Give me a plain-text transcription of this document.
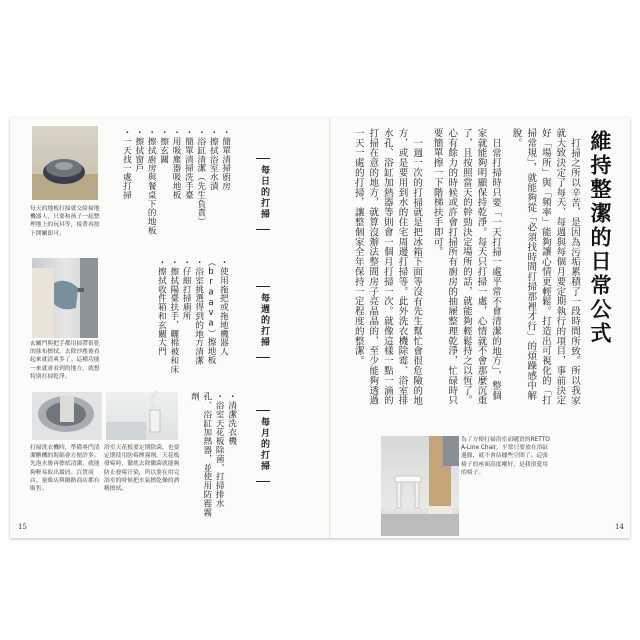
每天的地板打掃就交給掃地機器人，只要和孩子一起整理地上的玩具等，接著再按下開關即可。
玄關門與把手都用掃帶很乾的抹布擦拭，去除沙塵後看起來就清爽多了。這種功能一來就會看到的地方，就想特別打掃乾淨。
打掃洗衣機時，準備專門清潔櫃機的海綿會方便許多。先泡水後再擦拭清潔，就能夠輕易取出鬚屑。百貨商店、量販店與網路商店都有販售。
浴室天花板要定期除菌，也要定期使用防霉煙霧劑。天花板發霉時，徹底去除黴菌就能夠防止發霉汙染，所以要在用完浴室的時候把水氣擦乾燥的酒精擦拭。
每日的打掃
・簡單清掃廚房
・擦拭浴室水漬
・浴缸清潔（先生負責）
・簡單清掃洗手臺
・用吸塵器吸地板
・擦玄關
・擦拭廚房與餐桌下的地板
・擦拭窗戶
・一天找一處打掃
每週的打掃
・使用拖把或拖地機器人（braava）擦地板
・浴室挑選得到的地方清潔
・仔細打掃廁所
・擦拭陽臺扶手，曬棉被和床
・擦拭收件箱和玄關大門
每月的打掃
・清潔洗衣機
・浴室天花板除菌，打掃排水孔、浴缸加熱器，並使用防霉霧劑
15
維持整潔的日常公式

打掃之所以辛苦，是因為污垢累積了一段時間所致。所以我家就大致決定了每天、每週與每個月要定期執行的項目，事前決定好「場所」與「頻率」能夠讓心情更輕鬆。打造出可視化的「打掃常規」，就能夠從「必須找時間打掃那裡才行」的煩躁感中解脫。

日常打掃時只要「一天打掃一處平常不會清潔的地方」，整個家就能夠明顯保持乾淨。每天只打掃一處，心情就不會那麼沉重了，且按照當天的幹勁決定場所的話，就能夠輕鬆持之以恆了。心有餘力的時候或許會打掃所有廚房的抽屜整理乾淨，忙碌時只要簡單擦一下階梯扶手即可。

一週一次的打掃就是把冰箱下面等沒有先生幫忙會很危險的地方，或是要用到水的住宅周邊打掃等。此外洗衣機除霉、浴室排水孔、浴缸加熱器等則會一個月打掃一次。就像這樣一點一滴的打掃在意的地方，就算沒辦法整間房子亮晶晶的，至少能夠透過一天一處的打掃，讓整個家全年保持一定程度的整潔。

為了方便打掃浴室而購買的RETTO A-Line Chair，平常只要放在浴缸邊緣，就不會佔據些空間了。這張椅子的座面高度剛好，是我很愛用的椅子。
14
